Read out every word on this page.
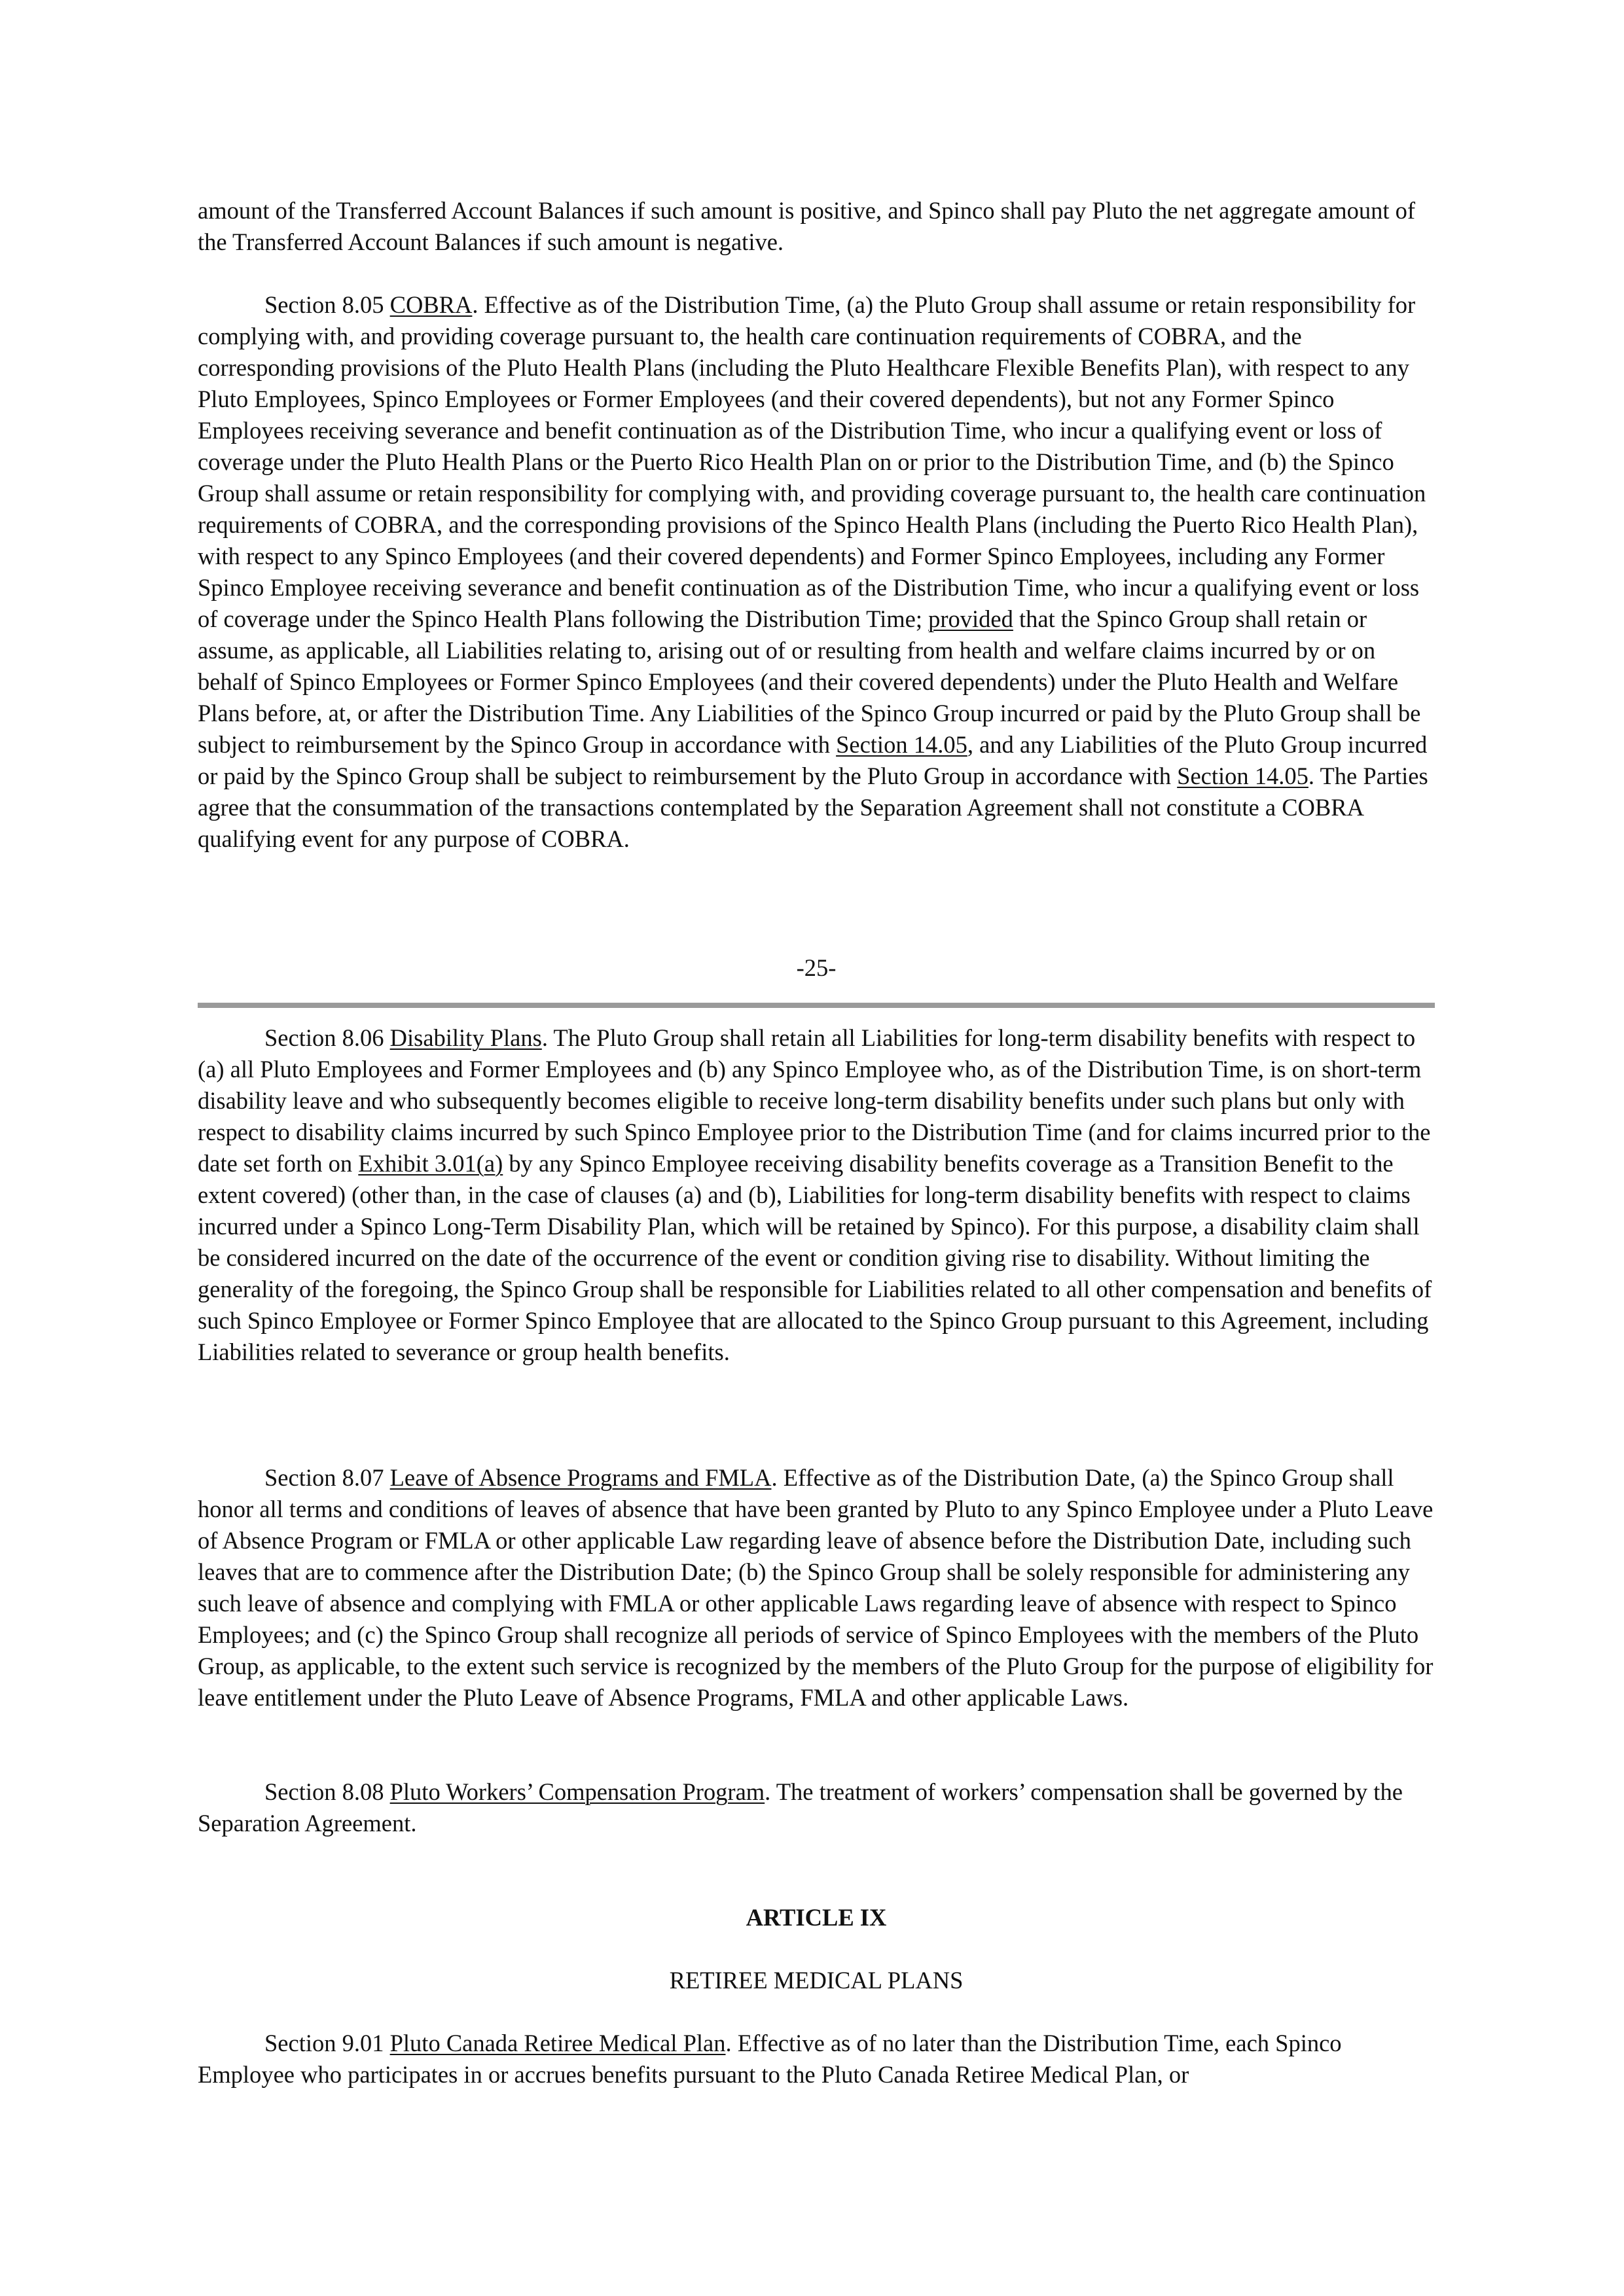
amount of the Transferred Account Balances if such amount is positive, and Spinco shall pay Pluto the net aggregate amount of the Transferred Account Balances if such amount is negative.

Section 8.05 COBRA. Effective as of the Distribution Time, (a) the Pluto Group shall assume or retain responsibility for complying with, and providing coverage pursuant to, the health care continuation requirements of COBRA, and the corresponding provisions of the Pluto Health Plans (including the Pluto Healthcare Flexible Benefits Plan), with respect to any Pluto Employees, Spinco Employees or Former Employees (and their covered dependents), but not any Former Spinco Employees receiving severance and benefit continuation as of the Distribution Time, who incur a qualifying event or loss of coverage under the Pluto Health Plans or the Puerto Rico Health Plan on or prior to the Distribution Time, and (b) the Spinco Group shall assume or retain responsibility for complying with, and providing coverage pursuant to, the health care continuation requirements of COBRA, and the corresponding provisions of the Spinco Health Plans (including the Puerto Rico Health Plan), with respect to any Spinco Employees (and their covered dependents) and Former Spinco Employees, including any Former Spinco Employee receiving severance and benefit continuation as of the Distribution Time, who incur a qualifying event or loss of coverage under the Spinco Health Plans following the Distribution Time; provided that the Spinco Group shall retain or assume, as applicable, all Liabilities relating to, arising out of or resulting from health and welfare claims incurred by or on behalf of Spinco Employees or Former Spinco Employees (and their covered dependents) under the Pluto Health and Welfare Plans before, at, or after the Distribution Time. Any Liabilities of the Spinco Group incurred or paid by the Pluto Group shall be subject to reimbursement by the Spinco Group in accordance with Section 14.05, and any Liabilities of the Pluto Group incurred or paid by the Spinco Group shall be subject to reimbursement by the Pluto Group in accordance with Section 14.05. The Parties agree that the consummation of the transactions contemplated by the Separation Agreement shall not constitute a COBRA qualifying event for any purpose of COBRA.

-25-

Section 8.06 Disability Plans. The Pluto Group shall retain all Liabilities for long-term disability benefits with respect to (a) all Pluto Employees and Former Employees and (b) any Spinco Employee who, as of the Distribution Time, is on short-term disability leave and who subsequently becomes eligible to receive long-term disability benefits under such plans but only with respect to disability claims incurred by such Spinco Employee prior to the Distribution Time (and for claims incurred prior to the date set forth on Exhibit 3.01(a) by any Spinco Employee receiving disability benefits coverage as a Transition Benefit to the extent covered) (other than, in the case of clauses (a) and (b), Liabilities for long-term disability benefits with respect to claims incurred under a Spinco Long-Term Disability Plan, which will be retained by Spinco). For this purpose, a disability claim shall be considered incurred on the date of the occurrence of the event or condition giving rise to disability. Without limiting the generality of the foregoing, the Spinco Group shall be responsible for Liabilities related to all other compensation and benefits of such Spinco Employee or Former Spinco Employee that are allocated to the Spinco Group pursuant to this Agreement, including Liabilities related to severance or group health benefits.

Section 8.07 Leave of Absence Programs and FMLA. Effective as of the Distribution Date, (a) the Spinco Group shall honor all terms and conditions of leaves of absence that have been granted by Pluto to any Spinco Employee under a Pluto Leave of Absence Program or FMLA or other applicable Law regarding leave of absence before the Distribution Date, including such leaves that are to commence after the Distribution Date; (b) the Spinco Group shall be solely responsible for administering any such leave of absence and complying with FMLA or other applicable Laws regarding leave of absence with respect to Spinco Employees; and (c) the Spinco Group shall recognize all periods of service of Spinco Employees with the members of the Pluto Group, as applicable, to the extent such service is recognized by the members of the Pluto Group for the purpose of eligibility for leave entitlement under the Pluto Leave of Absence Programs, FMLA and other applicable Laws.

Section 8.08 Pluto Workers’ Compensation Program. The treatment of workers’ compensation shall be governed by the Separation Agreement.

ARTICLE IX

RETIREE MEDICAL PLANS

Section 9.01 Pluto Canada Retiree Medical Plan. Effective as of no later than the Distribution Time, each Spinco Employee who participates in or accrues benefits pursuant to the Pluto Canada Retiree Medical Plan, or
